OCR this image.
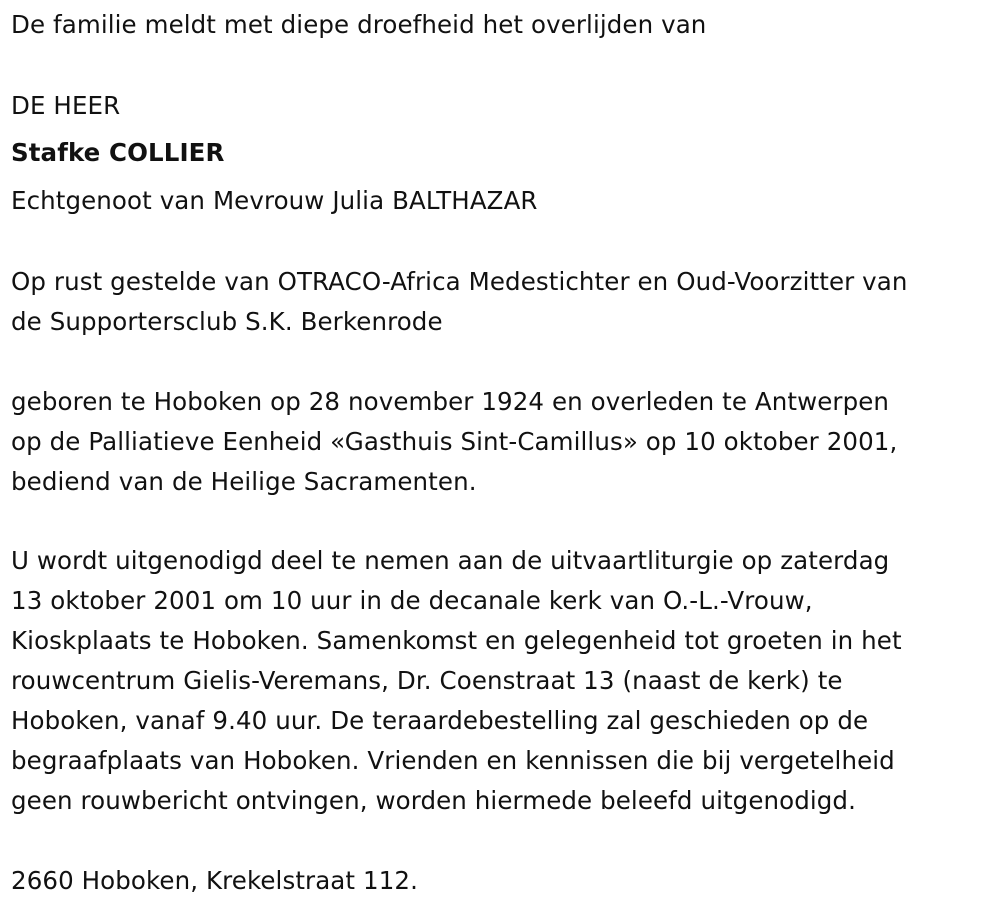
De familie meldt met diepe droefheid het overlijden van
DE HEER
Stafke COLLIER
Echtgenoot van Mevrouw Julia BALTHAZAR
Op rust gestelde van OTRACO-Africa Medestichter en Oud-Voorzitter van
de Supportersclub S.K. Berkenrode
geboren te Hoboken op 28 november 1924 en overleden te Antwerpen
op de Palliatieve Eenheid «Gasthuis Sint-Camillus» op 10 oktober 2001,
bediend van de Heilige Sacramenten.
U wordt uitgenodigd deel te nemen aan de uitvaartliturgie op zaterdag
13 oktober 2001 om 10 uur in de decanale kerk van O.-L.-Vrouw,
Kioskplaats te Hoboken. Samenkomst en gelegenheid tot groeten in het
rouwcentrum Gielis-Veremans, Dr. Coenstraat 13 (naast de kerk) te
Hoboken, vanaf 9.40 uur. De teraardebestelling zal geschieden op de
begraafplaats van Hoboken. Vrienden en kennissen die bij vergetelheid
geen rouwbericht ontvingen, worden hiermede beleefd uitgenodigd.
2660 Hoboken, Krekelstraat 112.
